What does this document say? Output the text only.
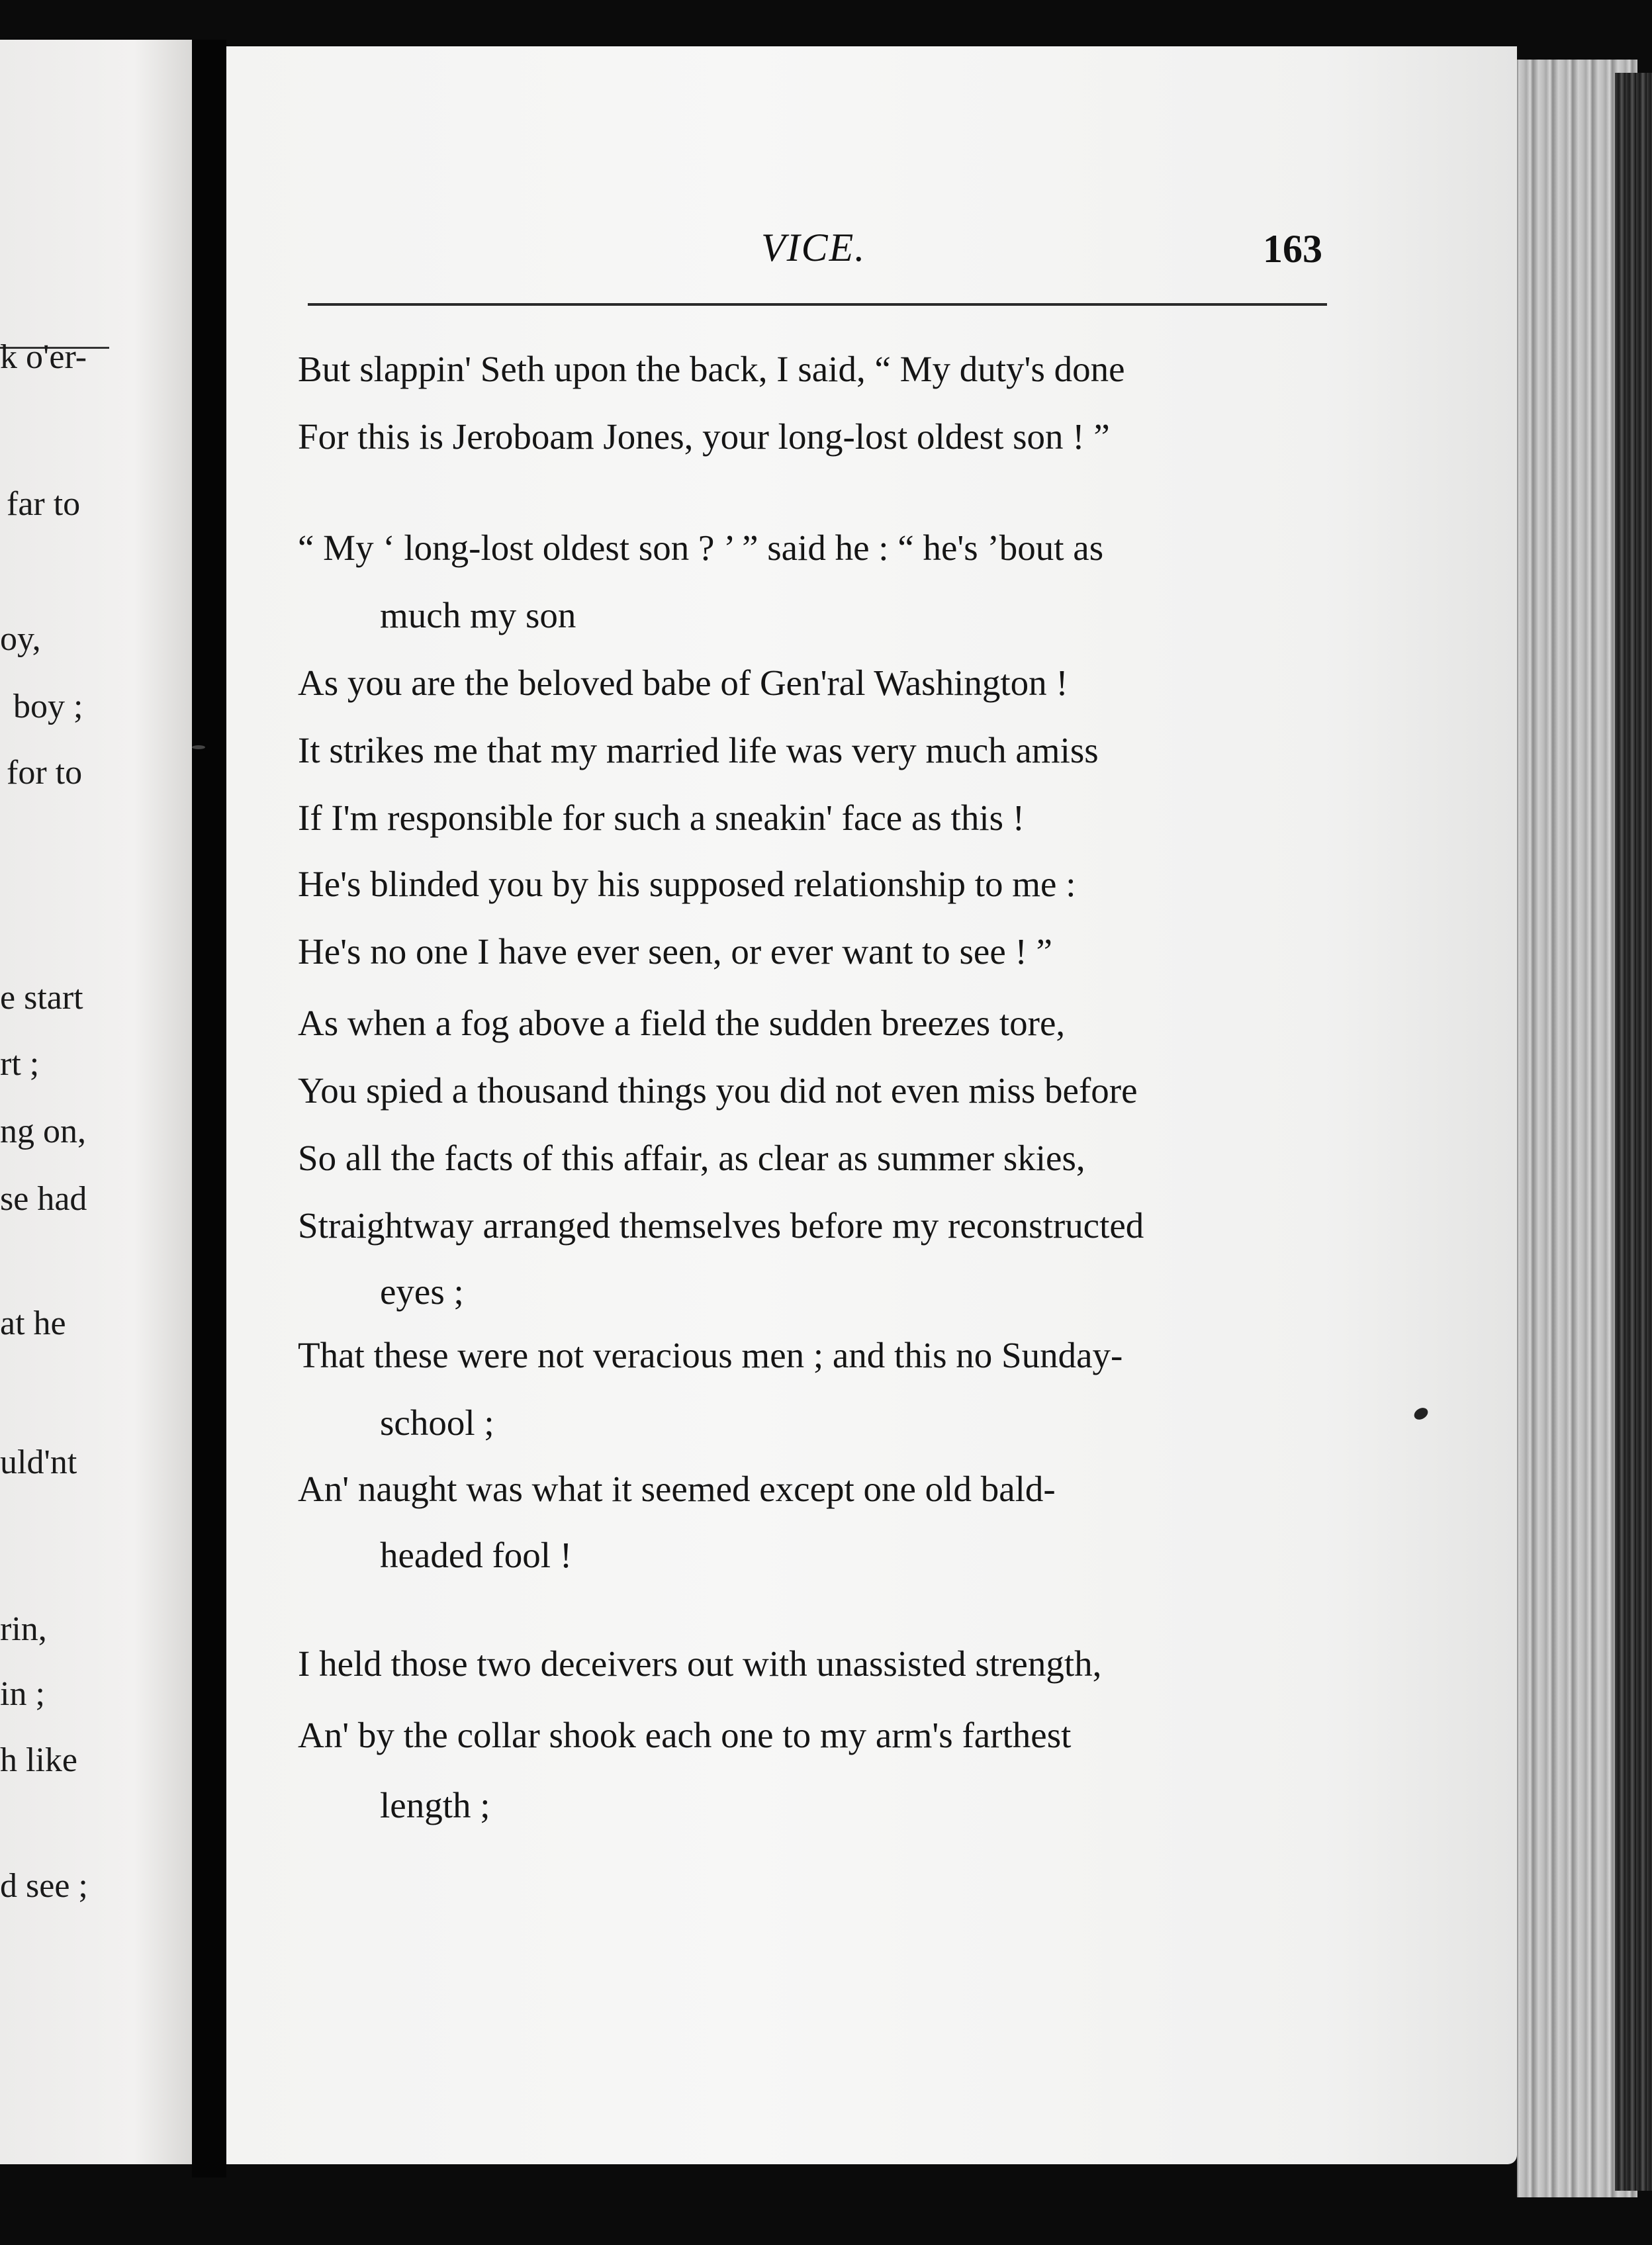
k o'er-
far to
oy,
boy ;
for to
e start
rt ;
ng on,
se had
at he
uld'nt
rin,
in ;
h like
d see ;
VICE.	163
But slappin' Seth upon the back, I said, “ My duty's done
For this is Jeroboam Jones, your long-lost oldest son ! ”
“ My ‘ long-lost oldest son ? ’ ” said he : “ he's ’bout as
much my son
As you are the beloved babe of Gen'ral Washington !
It strikes me that my married life was very much amiss
If I'm responsible for such a sneakin' face as this !
He's blinded you by his supposed relationship to me :
He's no one I have ever seen, or ever want to see ! ”
As when a fog above a field the sudden breezes tore,
You spied a thousand things you did not even miss before
So all the facts of this affair, as clear as summer skies,
Straightway arranged themselves before my reconstructed
eyes ;
That these were not veracious men ; and this no Sunday-
school ;
An' naught was what it seemed except one old bald-
headed fool !
I held those two deceivers out with unassisted strength,
An' by the collar shook each one to my arm's farthest
length ;
